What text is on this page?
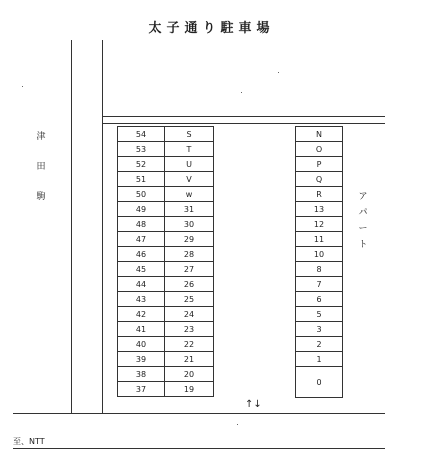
太子通り駐車場
津
田
駒	ア
パ
ー
ト
54	S
53	T
52	U
51	V
50	w
49	31
48	30
47	29
46	28
45	27
44	26
43	25
42	24
41	23
40	22
39	21
38	20
37	19
N
O
P
Q
R
13
12
11
10
8
7
6
5
3
2
1
0
↑↓
至、NTT
